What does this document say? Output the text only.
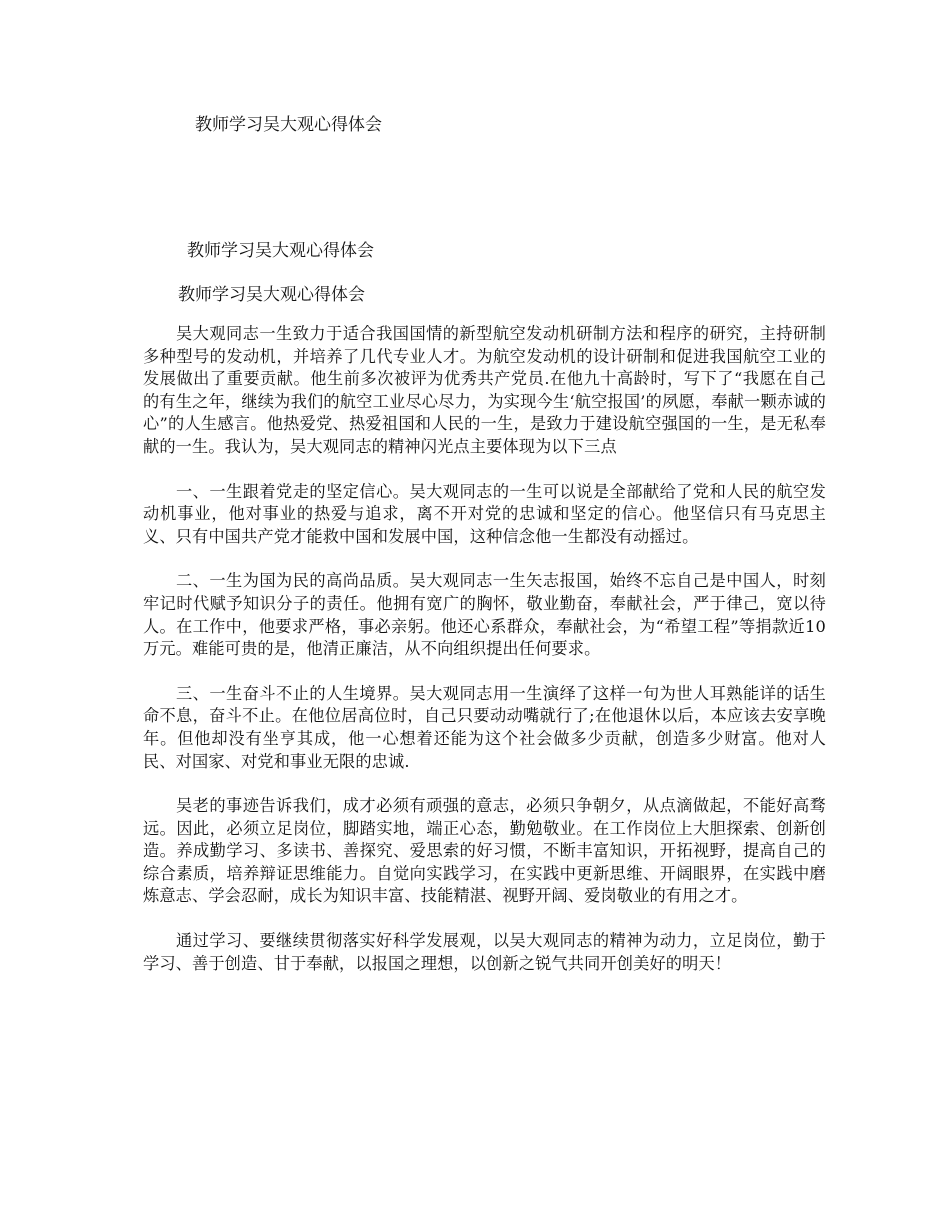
教师学习吴大观心得体会
教师学习吴大观心得体会
教师学习吴大观心得体会

吴大观同志一生致力于适合我国国情的新型航空发动机研制方法和程序的研究，主持研制多种型号的发动机，并培养了几代专业人才。为航空发动机的设计研制和促进我国航空工业的发展做出了重要贡献。他生前多次被评为优秀共产党员.在他九十高龄时，写下了“我愿在自己的有生之年，继续为我们的航空工业尽心尽力，为实现今生‘航空报国’的夙愿，奉献一颗赤诚的心”的人生感言。他热爱党、热爱祖国和人民的一生，是致力于建设航空强国的一生，是无私奉献的一生。我认为，吴大观同志的精神闪光点主要体现为以下三点

一、一生跟着党走的坚定信心。吴大观同志的一生可以说是全部献给了党和人民的航空发动机事业，他对事业的热爱与追求，离不开对党的忠诚和坚定的信心。他坚信只有马克思主义、只有中国共产党才能救中国和发展中国，这种信念他一生都没有动摇过。

二、一生为国为民的高尚品质。吴大观同志一生矢志报国，始终不忘自己是中国人，时刻牢记时代赋予知识分子的责任。他拥有宽广的胸怀，敬业勤奋，奉献社会，严于律己，宽以待人。在工作中，他要求严格，事必亲躬。他还心系群众，奉献社会，为“希望工程”等捐款近10万元。难能可贵的是，他清正廉洁，从不向组织提出任何要求。

三、一生奋斗不止的人生境界。吴大观同志用一生演绎了这样一句为世人耳熟能详的话生命不息，奋斗不止。在他位居高位时，自己只要动动嘴就行了;在他退休以后，本应该去安享晚年。但他却没有坐亨其成，他一心想着还能为这个社会做多少贡献，创造多少财富。他对人民、对国家、对党和事业无限的忠诚.

吴老的事迹告诉我们，成才必须有顽强的意志，必须只争朝夕，从点滴做起，不能好高骛远。因此，必须立足岗位，脚踏实地，端正心态，勤勉敬业。在工作岗位上大胆探索、创新创造。养成勤学习、多读书、善探究、爱思索的好习惯，不断丰富知识，开拓视野，提高自己的综合素质，培养辩证思维能力。自觉向实践学习，在实践中更新思维、开阔眼界，在实践中磨炼意志、学会忍耐，成长为知识丰富、技能精湛、视野开阔、爱岗敬业的有用之才。

通过学习、要继续贯彻落实好科学发展观，以吴大观同志的精神为动力，立足岗位，勤于学习、善于创造、甘于奉献，以报国之理想，以创新之锐气共同开创美好的明天！
